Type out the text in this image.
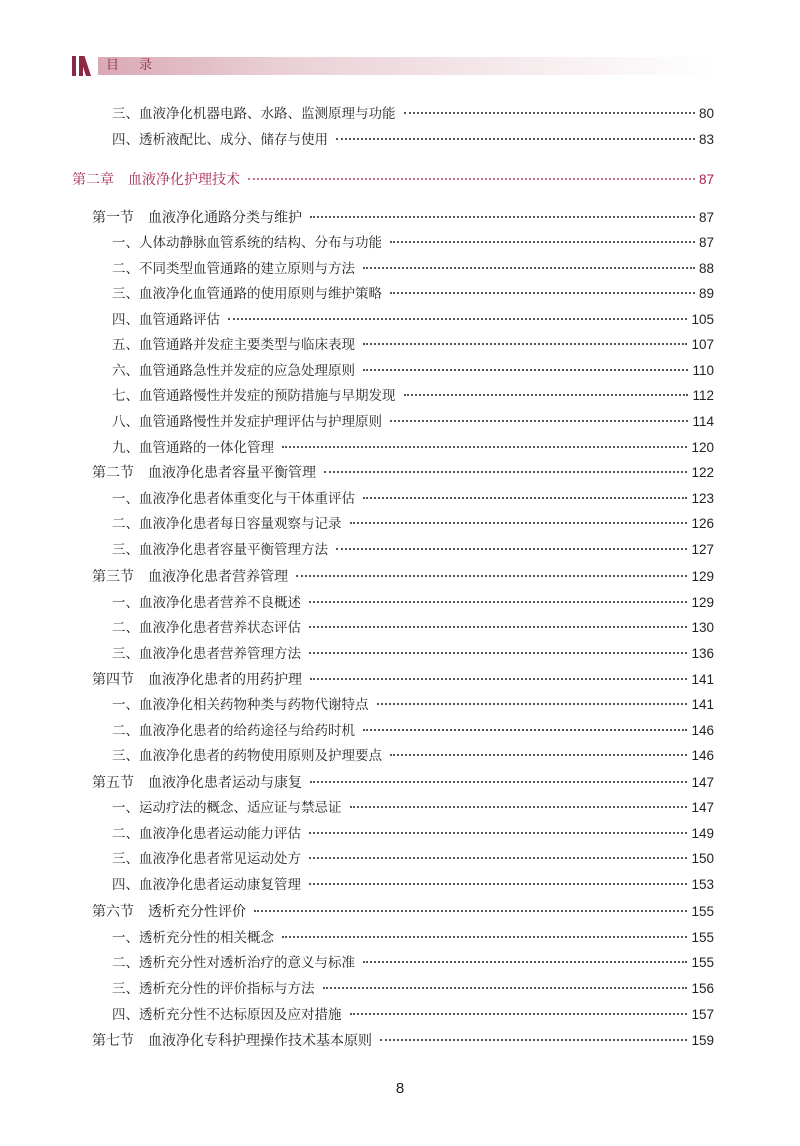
目录
三、血液净化机器电路、水路、监测原理与功能	80
四、透析液配比、成分、储存与使用	83
第二章　血液净化护理技术	87
第一节　血液净化通路分类与维护	87
一、人体动静脉血管系统的结构、分布与功能	87
二、不同类型血管通路的建立原则与方法	88
三、血液净化血管通路的使用原则与维护策略	89
四、血管通路评估	105
五、血管通路并发症主要类型与临床表现	107
六、血管通路急性并发症的应急处理原则	110
七、血管通路慢性并发症的预防措施与早期发现	112
八、血管通路慢性并发症护理评估与护理原则	114
九、血管通路的一体化管理	120
第二节　血液净化患者容量平衡管理	122
一、血液净化患者体重变化与干体重评估	123
二、血液净化患者每日容量观察与记录	126
三、血液净化患者容量平衡管理方法	127
第三节　血液净化患者营养管理	129
一、血液净化患者营养不良概述	129
二、血液净化患者营养状态评估	130
三、血液净化患者营养管理方法	136
第四节　血液净化患者的用药护理	141
一、血液净化相关药物种类与药物代谢特点	141
二、血液净化患者的给药途径与给药时机	146
三、血液净化患者的药物使用原则及护理要点	146
第五节　血液净化患者运动与康复	147
一、运动疗法的概念、适应证与禁忌证	147
二、血液净化患者运动能力评估	149
三、血液净化患者常见运动处方	150
四、血液净化患者运动康复管理	153
第六节　透析充分性评价	155
一、透析充分性的相关概念	155
二、透析充分性对透析治疗的意义与标准	155
三、透析充分性的评价指标与方法	156
四、透析充分性不达标原因及应对措施	157
第七节　血液净化专科护理操作技术基本原则	159
8
